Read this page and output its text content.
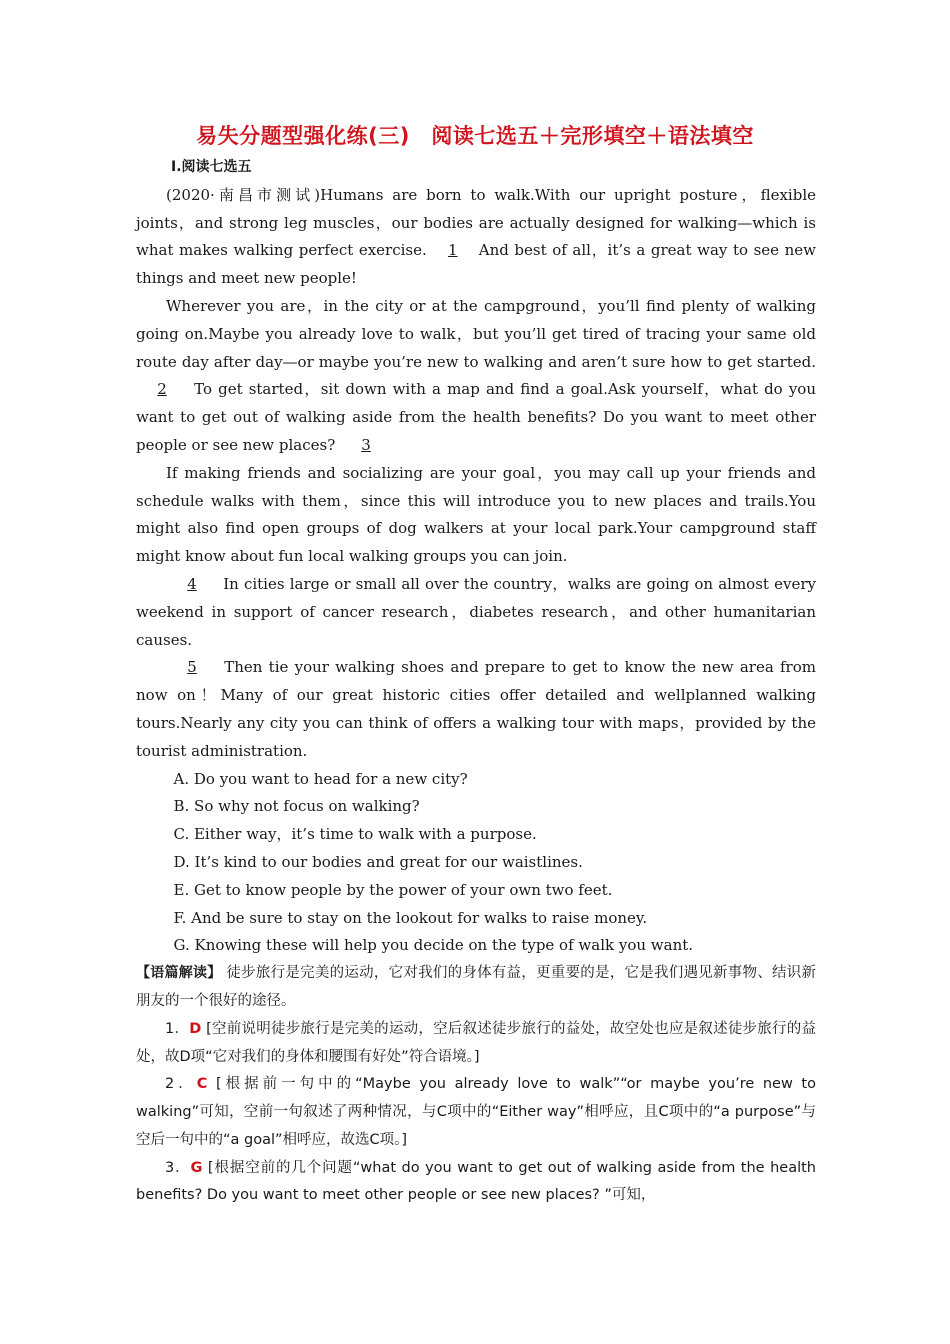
易失分题型强化练(三)　阅读七选五＋完形填空＋语法填空

Ⅰ.阅读七选五

(2020·南昌市测试)Humans are born to walk.With our upright posture，flexible joints，and strong leg muscles，our bodies are actually designed for walking—which is what makes walking perfect exercise. 1 And best of all，it’s a great way to see new things and meet new people!

Wherever you are，in the city or at the campground，you’ll find plenty of walking going on.Maybe you already love to walk，but you’ll get tired of tracing your same old route day after day—or maybe you’re new to walking and aren’t sure how to get started. 2 To get started，sit down with a map and find a goal.Ask yourself，what do you want to get out of walking aside from the health benefits? Do you want to meet other people or see new places? 3

If making friends and socializing are your goal，you may call up your friends and schedule walks with them，since this will introduce you to new places and trails.You might also find open groups of dog walkers at your local park.Your campground staff might know about fun local walking groups you can join.

4 In cities large or small all over the country，walks are going on almost every weekend in support of cancer research，diabetes research，and other humanitarian causes.

5 Then tie your walking shoes and prepare to get to know the new area from now on！Many of our great historic cities offer detailed and wellplanned walking tours.Nearly any city you can think of offers a walking tour with maps，provided by the tourist administration.

A. Do you want to head for a new city?

B. So why not focus on walking?

C. Either way，it’s time to walk with a purpose.

D. It’s kind to our bodies and great for our waistlines.

E. Get to know people by the power of your own two feet.

F. And be sure to stay on the lookout for walks to raise money.

G. Knowing these will help you decide on the type of walk you want.

【语篇解读】 徒步旅行是完美的运动，它对我们的身体有益，更重要的是，它是我们遇见新事物、结识新朋友的一个很好的途径。

1．D [空前说明徒步旅行是完美的运动，空后叙述徒步旅行的益处，故空处也应是叙述徒步旅行的益处，故D项“它对我们的身体和腰围有好处”符合语境。]

2．C [根据前一句中的“Maybe you already love to walk”“or maybe you’re new to walking”可知，空前一句叙述了两种情况，与C项中的“Either way”相呼应，且C项中的“a purpose”与空后一句中的“a goal”相呼应，故选C项。]

3．G [根据空前的几个问题“what do you want to get out of walking aside from the health benefits? Do you want to meet other people or see new places? ”可知，
